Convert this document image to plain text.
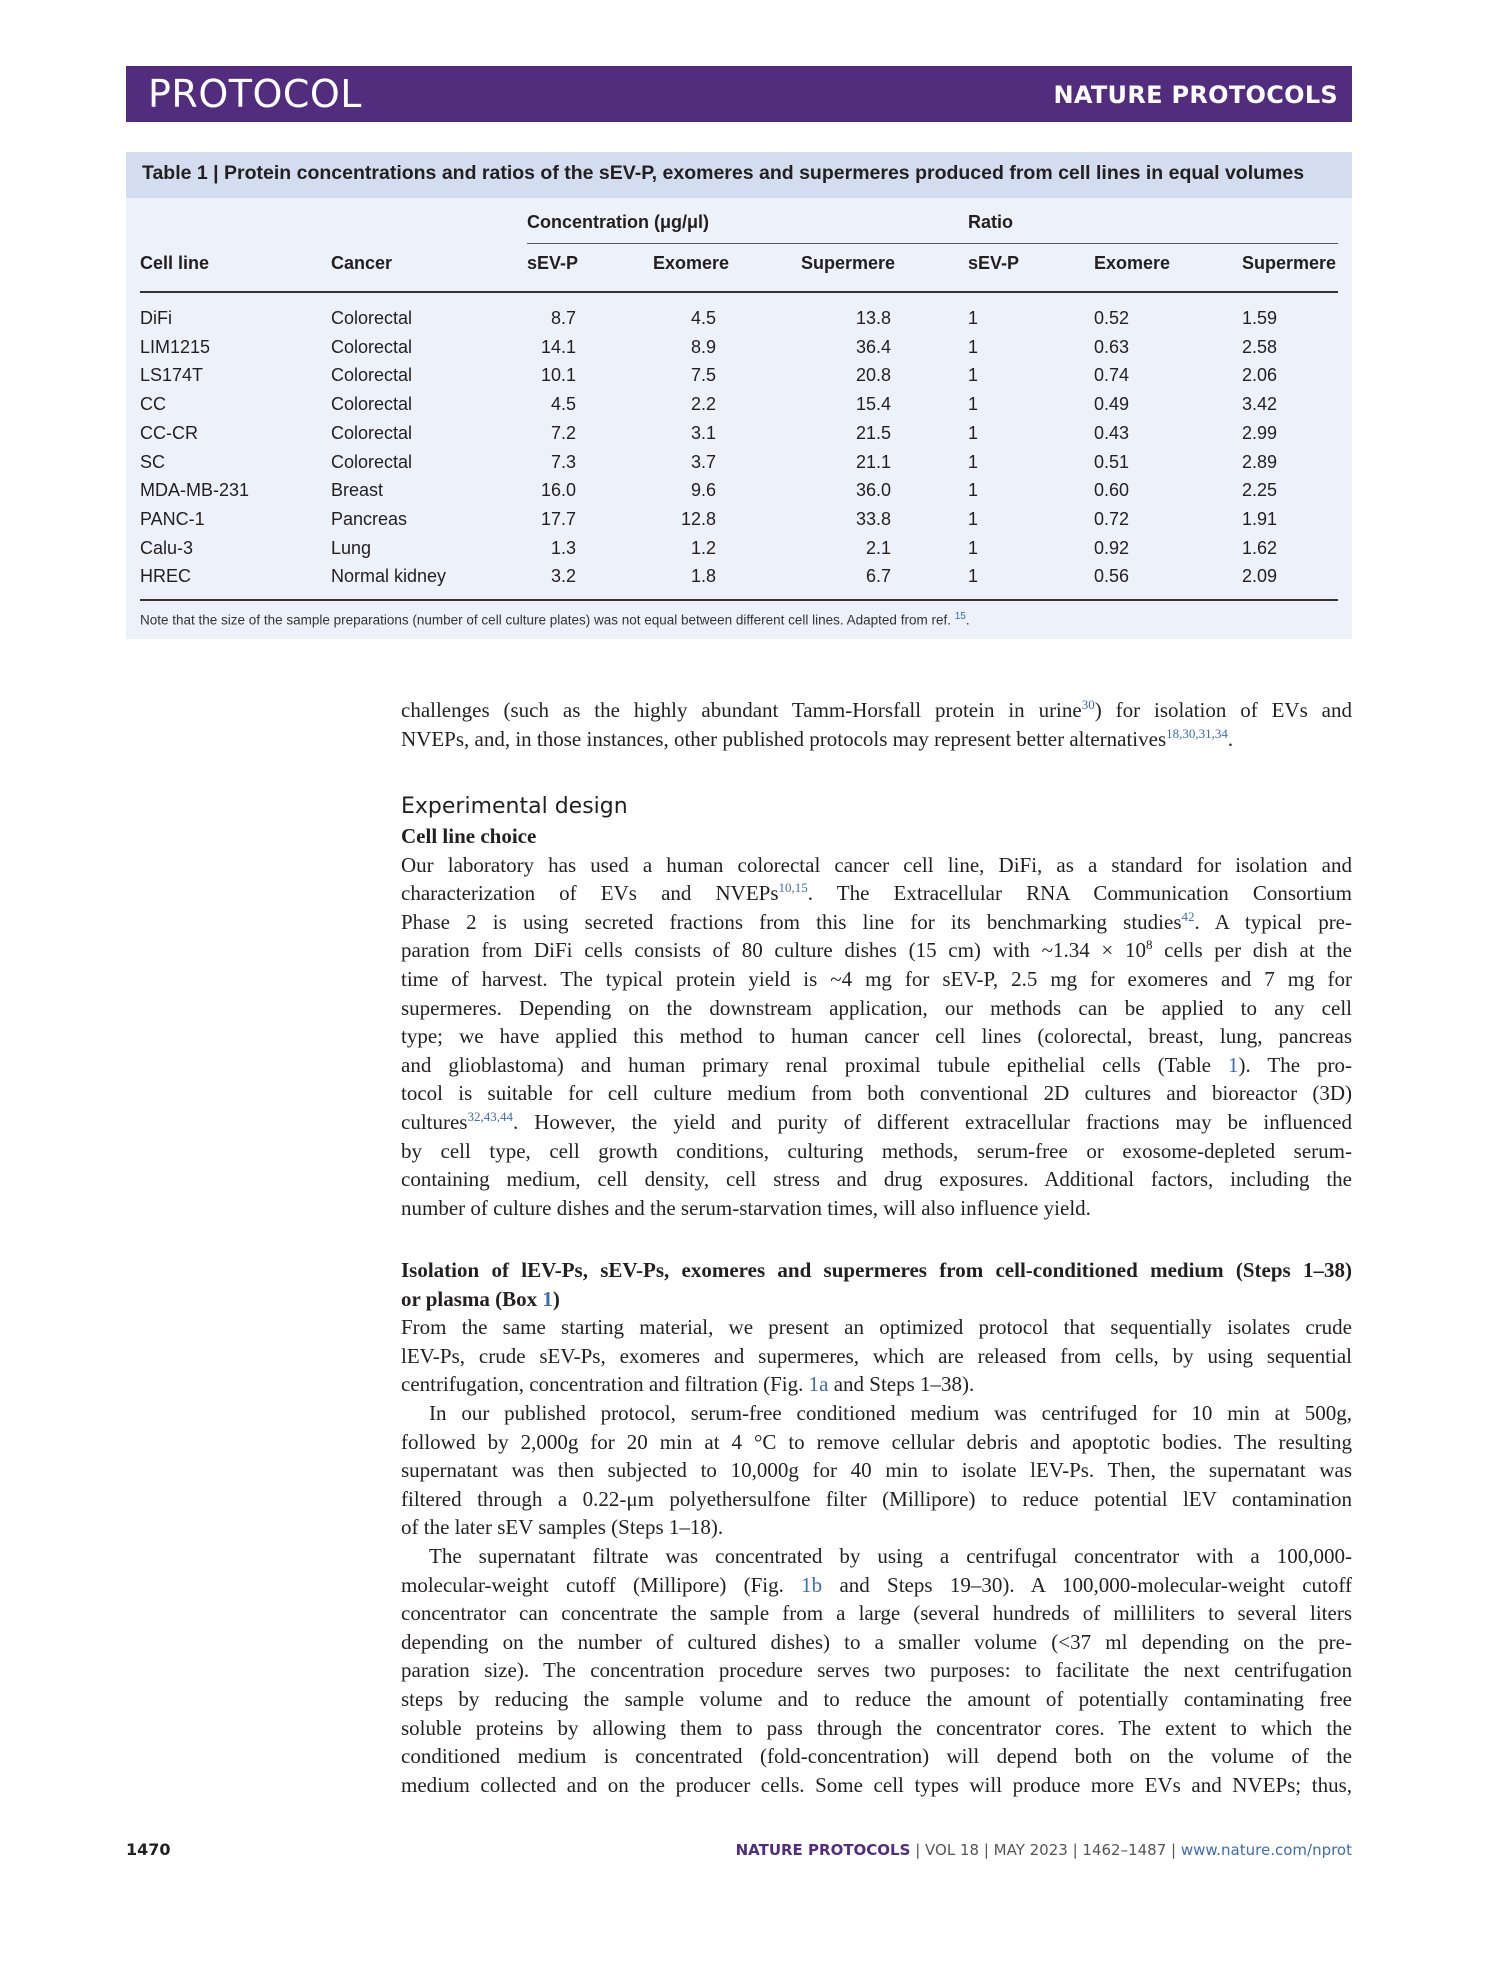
PROTOCOL	NATURE PROTOCOLS
Table 1 | Protein concentrations and ratios of the sEV-P, exomeres and supermeres produced from cell lines in equal volumes
Concentration (μg/μl)	Ratio
Cell line	Cancer	sEV-P	Exomere	Supermere	sEV-P	Exomere	Supermere
DiFi	Colorectal	8.7	4.5	13.8	1	0.52	1.59
LIM1215	Colorectal	14.1	8.9	36.4	1	0.63	2.58
LS174T	Colorectal	10.1	7.5	20.8	1	0.74	2.06
CC	Colorectal	4.5	2.2	15.4	1	0.49	3.42
CC-CR	Colorectal	7.2	3.1	21.5	1	0.43	2.99
SC	Colorectal	7.3	3.7	21.1	1	0.51	2.89
MDA-MB-231	Breast	16.0	9.6	36.0	1	0.60	2.25
PANC-1	Pancreas	17.7	12.8	33.8	1	0.72	1.91
Calu-3	Lung	1.3	1.2	2.1	1	0.92	1.62
HREC	Normal kidney	3.2	1.8	6.7	1	0.56	2.09
Note that the size of the sample preparations (number of cell culture plates) was not equal between different cell lines. Adapted from ref. $^{15}$.
challenges (such as the highly abundant Tamm-Horsfall protein in urine$^{30}$) for isolation of EVs and
NVEPs, and, in those instances, other published protocols may represent better alternatives$^{18,30,31,34}$.
Experimental design
Cell line choice
Our laboratory has used a human colorectal cancer cell line, DiFi, as a standard for isolation and
characterization of EVs and NVEPs$^{10,15}$. The Extracellular RNA Communication Consortium
Phase 2 is using secreted fractions from this line for its benchmarking studies$^{42}$. A typical pre-
paration from DiFi cells consists of 80 culture dishes (15 cm) with ~1.34 × $10^8$ cells per dish at the
time of harvest. The typical protein yield is ~4 mg for sEV-P, 2.5 mg for exomeres and 7 mg for
supermeres. Depending on the downstream application, our methods can be applied to any cell
type; we have applied this method to human cancer cell lines (colorectal, breast, lung, pancreas
and glioblastoma) and human primary renal proximal tubule epithelial cells (Table 1). The pro-
tocol is suitable for cell culture medium from both conventional 2D cultures and bioreactor (3D)
cultures$^{32,43,44}$. However, the yield and purity of different extracellular fractions may be influenced
by cell type, cell growth conditions, culturing methods, serum-free or exosome-depleted serum-
containing medium, cell density, cell stress and drug exposures. Additional factors, including the
number of culture dishes and the serum-starvation times, will also influence yield.
Isolation of lEV-Ps, sEV-Ps, exomeres and supermeres from cell-conditioned medium (Steps 1–38)
or plasma (Box 1)
From the same starting material, we present an optimized protocol that sequentially isolates crude
lEV-Ps, crude sEV-Ps, exomeres and supermeres, which are released from cells, by using sequential
centrifugation, concentration and filtration (Fig. 1a and Steps 1–38).
In our published protocol, serum-free conditioned medium was centrifuged for 10 min at 500g,
followed by 2,000g for 20 min at 4 °C to remove cellular debris and apoptotic bodies. The resulting
supernatant was then subjected to 10,000g for 40 min to isolate lEV-Ps. Then, the supernatant was
filtered through a 0.22-μm polyethersulfone filter (Millipore) to reduce potential lEV contamination
of the later sEV samples (Steps 1–18).
The supernatant filtrate was concentrated by using a centrifugal concentrator with a 100,000-
molecular-weight cutoff (Millipore) (Fig. 1b and Steps 19–30). A 100,000-molecular-weight cutoff
concentrator can concentrate the sample from a large (several hundreds of milliliters to several liters
depending on the number of cultured dishes) to a smaller volume (<37 ml depending on the pre-
paration size). The concentration procedure serves two purposes: to facilitate the next centrifugation
steps by reducing the sample volume and to reduce the amount of potentially contaminating free
soluble proteins by allowing them to pass through the concentrator cores. The extent to which the
conditioned medium is concentrated (fold-concentration) will depend both on the volume of the
medium collected and on the producer cells. Some cell types will produce more EVs and NVEPs; thus,
1470	NATURE PROTOCOLS | VOL 18 | MAY 2023 | 1462–1487 | www.nature.com/nprot
